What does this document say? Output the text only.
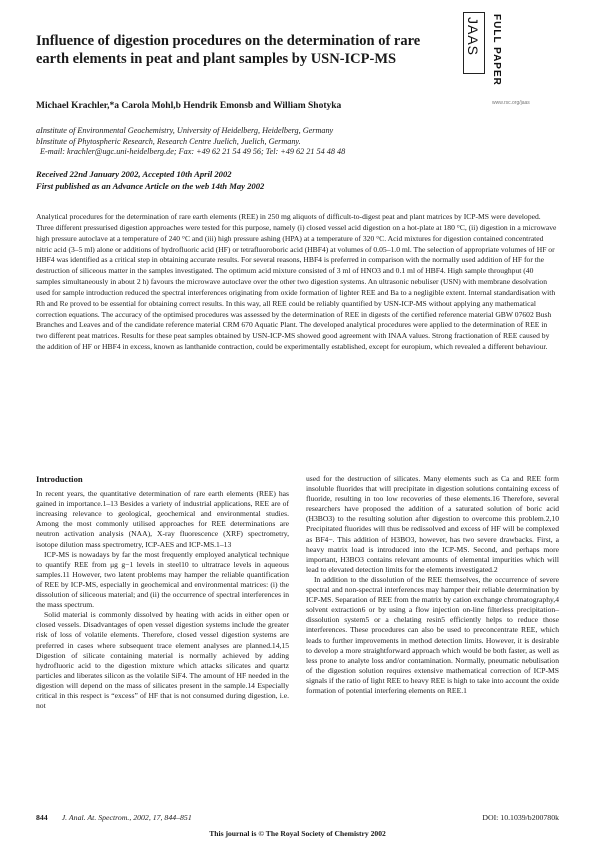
Influence of digestion procedures on the determination of rare earth elements in peat and plant samples by USN-ICP-MS
JAAS FULL PAPER
www.rsc.org/jaas
Michael Krachler,*a Carola Mohl,b Hendrik Emonsb and William Shotyka
aInstitute of Environmental Geochemistry, University of Heidelberg, Heidelberg, Germany
bInstitute of Phytospheric Research, Research Centre Juelich, Juelich, Germany.
E-mail: krachler@ugc.uni-heidelberg.de; Fax: +49 62 21 54 49 56; Tel: +49 62 21 54 48 48
Received 22nd January 2002, Accepted 10th April 2002
First published as an Advance Article on the web 14th May 2002
Analytical procedures for the determination of rare earth elements (REE) in 250 mg aliquots of difficult-to-digest peat and plant matrices by ICP-MS were developed. Three different pressurised digestion approaches were tested for this purpose, namely (i) closed vessel acid digestion on a hot-plate at 180 °C, (ii) digestion in a microwave high pressure autoclave at a temperature of 240 °C and (iii) high pressure ashing (HPA) at a temperature of 320 °C. Acid mixtures for digestion contained concentrated nitric acid (3–5 ml) alone or additions of hydrofluoric acid (HF) or tetrafluoroboric acid (HBF4) at volumes of 0.05–1.0 ml. The selection of appropriate volumes of HF or HBF4 was identified as a critical step in obtaining accurate results. For several reasons, HBF4 is preferred in comparison with the normally used addition of HF for the destruction of siliceous matter in the samples investigated. The optimum acid mixture consisted of 3 ml of HNO3 and 0.1 ml of HBF4. High sample throughput (40 samples simultaneously in about 2 h) favours the microwave autoclave over the other two digestion systems. An ultrasonic nebuliser (USN) with membrane desolvation used for sample introduction reduced the spectral interferences originating from oxide formation of lighter REE and Ba to a negligible extent. Internal standardisation with Rh and Re proved to be essential for obtaining correct results. In this way, all REE could be reliably quantified by USN-ICP-MS without applying any mathematical correction equations. The accuracy of the optimised procedures was assessed by the determination of REE in digests of the certified reference material GBW 07602 Bush Branches and Leaves and of the candidate reference material CRM 670 Aquatic Plant. The developed analytical procedures were applied to the determination of REE in two different peat matrices. Results for these peat samples obtained by USN-ICP-MS showed good agreement with INAA values. Strong fractionation of REE caused by the addition of HF or HBF4 in excess, known as lanthanide contraction, could be experimentally established, except for europium, which revealed a different behaviour.
Introduction

In recent years, the quantitative determination of rare earth elements (REE) has gained in importance.1–13 Besides a variety of industrial applications, REE are of increasing relevance to geological, geochemical and environmental studies. Among the most commonly utilised approaches for REE determinations are neutron activation analysis (NAA), X-ray fluorescence (XRF) spectrometry, isotope dilution mass spectrometry, ICP-AES and ICP-MS.1–13

ICP-MS is nowadays by far the most frequently employed analytical technique to quantify REE from μg g−1 levels in steel10 to ultratrace levels in aqueous samples.11 However, two latent problems may hamper the reliable quantification of REE by ICP-MS, especially in geochemical and environmental matrices: (i) the dissolution of siliceous material; and (ii) the occurrence of spectral interferences in the mass spectrum.

Solid material is commonly dissolved by heating with acids in either open or closed vessels. Disadvantages of open vessel digestion systems include the greater risk of loss of volatile elements. Therefore, closed vessel digestion systems are preferred in cases where subsequent trace element analyses are planned.14,15 Digestion of silicate containing material is normally achieved by adding hydrofluoric acid to the digestion mixture which attacks silicates and quartz particles and liberates silicon as the volatile SiF4. The amount of HF needed in the digestion will depend on the mass of silicates present in the sample.14 Especially critical in this respect is “excess” of HF that is not consumed during digestion, i.e. not

used for the destruction of silicates. Many elements such as Ca and REE form insoluble fluorides that will precipitate in digestion solutions containing excess of fluoride, resulting in too low recoveries of these elements.16 Therefore, several researchers have proposed the addition of a saturated solution of boric acid (H3BO3) to the resulting solution after digestion to overcome this problem.2,10 Precipitated fluorides will thus be redissolved and excess of HF will be complexed as BF4−. This addition of H3BO3, however, has two severe drawbacks. First, a heavy matrix load is introduced into the ICP-MS. Second, and perhaps more important, H3BO3 contains relevant amounts of elemental impurities which will lead to elevated detection limits for the elements investigated.2

In addition to the dissolution of the REE themselves, the occurrence of severe spectral and non-spectral interferences may hamper their reliable determination by ICP-MS. Separation of REE from the matrix by cation exchange chromatography,4 solvent extraction6 or by using a flow injection on-line filterless precipitation–dissolution system5 or a chelating resin5 efficiently helps to reduce those interferences. These procedures can also be used to preconcentrate REE, which leads to further improvements in method detection limits. However, it is desirable to develop a more straightforward approach which would be both faster, as well as less prone to analyte loss and/or contamination. Normally, pneumatic nebulisation of the digestion solution requires extensive mathematical correction of ICP-MS signals if the ratio of light REE to heavy REE is high to take into account the oxide formation of potential interfering elements on REE.1

844 J. Anal. At. Spectrom., 2002, 17, 844–851	DOI: 10.1039/b200780k
This journal is © The Royal Society of Chemistry 2002
